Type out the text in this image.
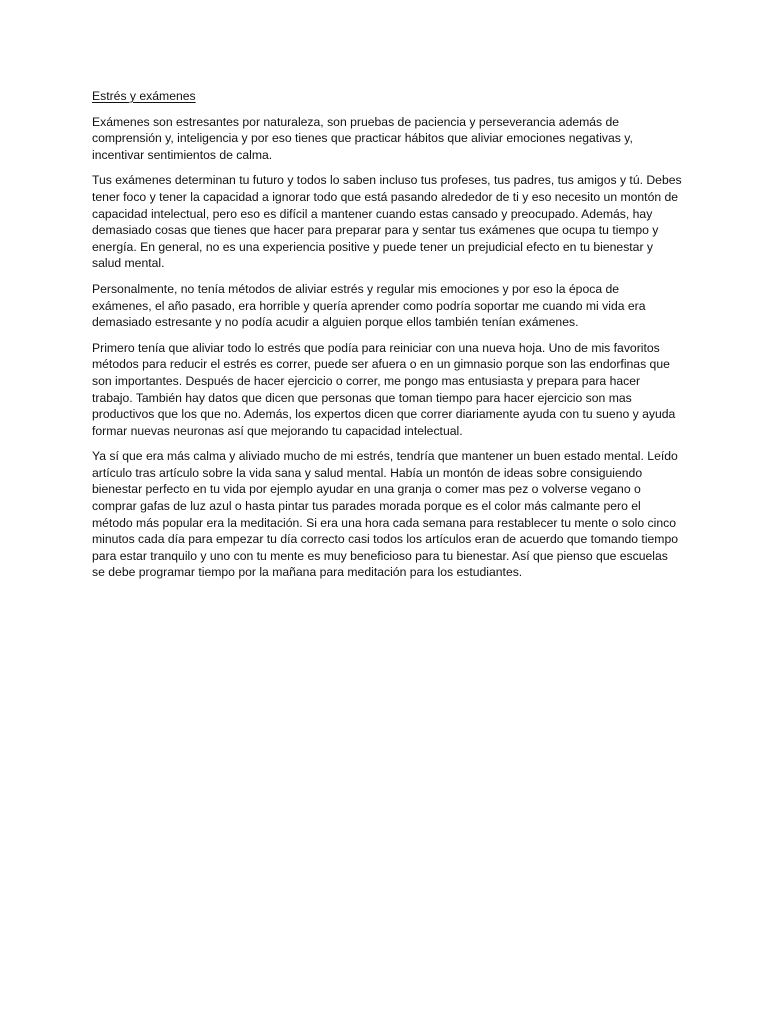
Estrés y exámenes

Exámenes son estresantes por naturaleza, son pruebas de paciencia y perseverancia además de comprensión y, inteligencia y por eso tienes que practicar hábitos que aliviar emociones negativas y, incentivar sentimientos de calma.

Tus exámenes determinan tu futuro y todos lo saben incluso tus profeses, tus padres, tus amigos y tú. Debes tener foco y tener la capacidad a ignorar todo que está pasando alrededor de ti y eso necesito un montón de capacidad intelectual, pero eso es difícil a mantener cuando estas cansado y preocupado. Además, hay demasiado cosas que tienes que hacer para preparar para y sentar tus exámenes que ocupa tu tiempo y energía. En general, no es una experiencia positive y puede tener un prejudicial efecto en tu bienestar y salud mental.

Personalmente, no tenía métodos de aliviar estrés y regular mis emociones y por eso la época de exámenes, el año pasado, era horrible y quería aprender como podría soportar me cuando mi vida era demasiado estresante y no podía acudir a alguien porque ellos también tenían exámenes.

Primero tenía que aliviar todo lo estrés que podía para reiniciar con una nueva hoja. Uno de mis favoritos métodos para reducir el estrés es correr, puede ser afuera o en un gimnasio porque son las endorfinas que son importantes. Después de hacer ejercicio o correr, me pongo mas entusiasta y prepara para hacer trabajo. También hay datos que dicen que personas que toman tiempo para hacer ejercicio son mas productivos que los que no. Además, los expertos dicen que correr diariamente ayuda con tu sueno y ayuda formar nuevas neuronas así que mejorando tu capacidad intelectual.

Ya sí que era más calma y aliviado mucho de mi estrés, tendría que mantener un buen estado mental. Leído artículo tras artículo sobre la vida sana y salud mental. Había un montón de ideas sobre consiguiendo bienestar perfecto en tu vida por ejemplo ayudar en una granja o comer mas pez o volverse vegano o comprar gafas de luz azul o hasta pintar tus parades morada porque es el color más calmante pero el método más popular era la meditación. Si era una hora cada semana para restablecer tu mente o solo cinco minutos cada día para empezar tu día correcto casi todos los artículos eran de acuerdo que tomando tiempo para estar tranquilo y uno con tu mente es muy beneficioso para tu bienestar. Así que pienso que escuelas se debe programar tiempo por la mañana para meditación para los estudiantes.
